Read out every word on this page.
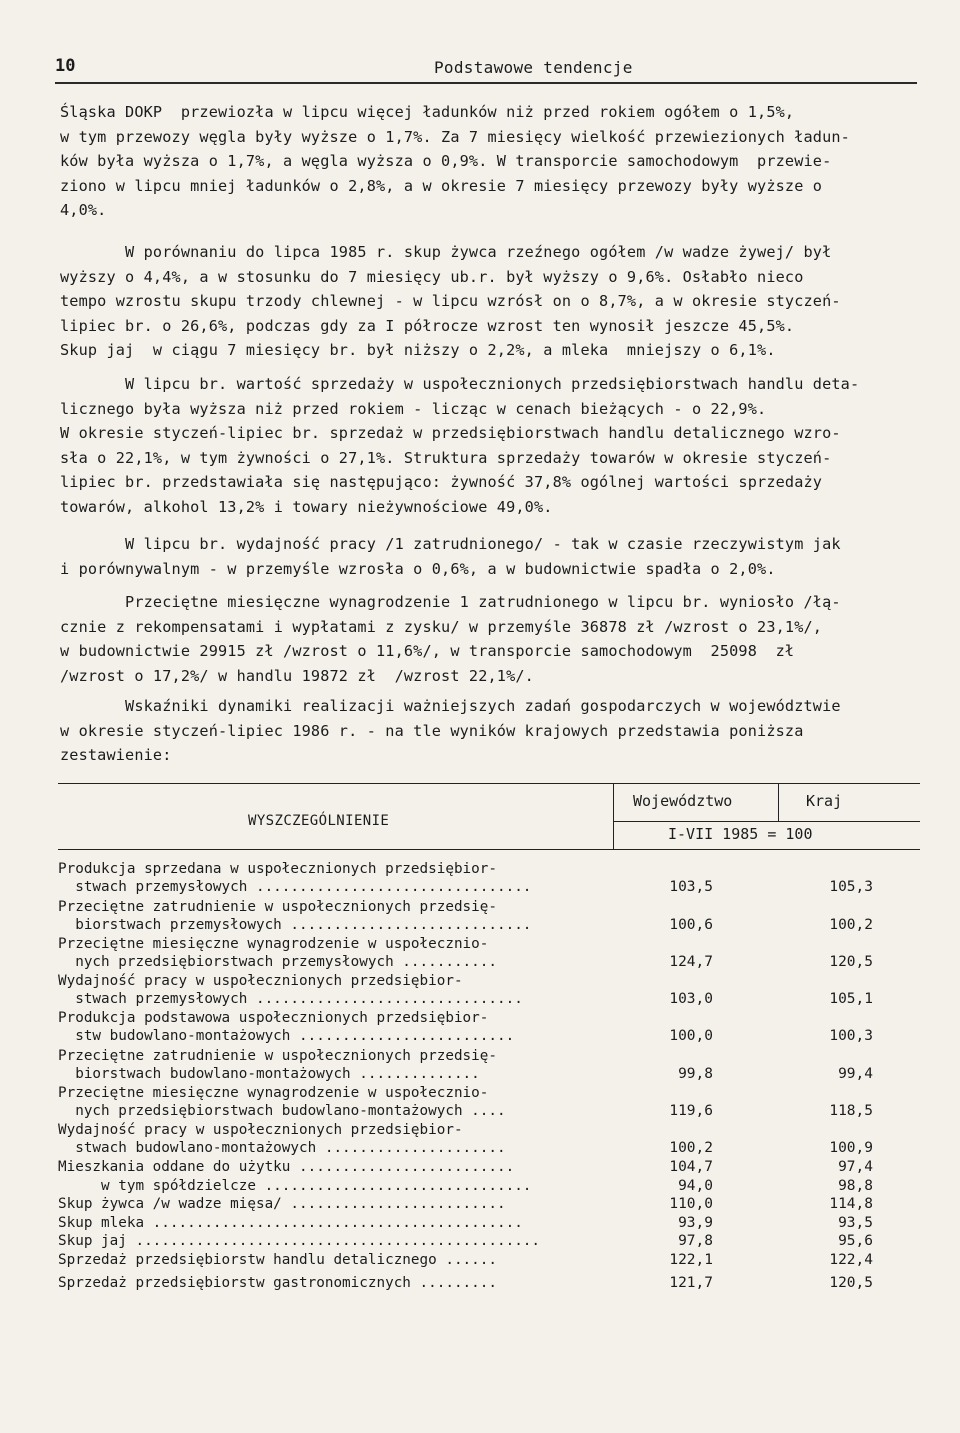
10	Podstawowe tendencje
Śląska DOKP  przewiozła w lipcu więcej ładunków niż przed rokiem ogółem o 1,5%,
w tym przewozy węgla były wyższe o 1,7%. Za 7 miesięcy wielkość przewiezionych ładun-
ków była wyższa o 1,7%, a węgla wyższa o 0,9%. W transporcie samochodowym  przewie-
ziono w lipcu mniej ładunków o 2,8%, a w okresie 7 miesięcy przewozy były wyższe o
4,0%.
W porównaniu do lipca 1985 r. skup żywca rzeźnego ogółem /w wadze żywej/ był
wyższy o 4,4%, a w stosunku do 7 miesięcy ub.r. był wyższy o 9,6%. Osłabło nieco
tempo wzrostu skupu trzody chlewnej - w lipcu wzrósł on o 8,7%, a w okresie styczeń-
lipiec br. o 26,6%, podczas gdy za I półrocze wzrost ten wynosił jeszcze 45,5%.
Skup jaj  w ciągu 7 miesięcy br. był niższy o 2,2%, a mleka  mniejszy o 6,1%.
W lipcu br. wartość sprzedaży w uspołecznionych przedsiębiorstwach handlu deta-
licznego była wyższa niż przed rokiem - licząc w cenach bieżących - o 22,9%.
W okresie styczeń-lipiec br. sprzedaż w przedsiębiorstwach handlu detalicznego wzro-
sła o 22,1%, w tym żywności o 27,1%. Struktura sprzedaży towarów w okresie styczeń-
lipiec br. przedstawiała się następująco: żywność 37,8% ogólnej wartości sprzedaży
towarów, alkohol 13,2% i towary nieżywnościowe 49,0%.
W lipcu br. wydajność pracy /1 zatrudnionego/ - tak w czasie rzeczywistym jak
i porównywalnym - w przemyśle wzrosła o 0,6%, a w budownictwie spadła o 2,0%.
Przeciętne miesięczne wynagrodzenie 1 zatrudnionego w lipcu br. wyniosło /łą-
cznie z rekompensatami i wypłatami z zysku/ w przemyśle 36878 zł /wzrost o 23,1%/,
w budownictwie 29915 zł /wzrost o 11,6%/, w transporcie samochodowym  25098  zł
/wzrost o 17,2%/ w handlu 19872 zł  /wzrost 22,1%/.
Wskaźniki dynamiki realizacji ważniejszych zadań gospodarczych w województwie
w okresie styczeń-lipiec 1986 r. - na tle wyników krajowych przedstawia poniższa
zestawienie:
WYSZCZEGÓLNIENIE
Województwo	Kraj
I-VII 1985 = 100
Produkcja sprzedana w uspołecznionych przedsiębior-
stwach przemysłowych ................................	103,5	105,3
Przeciętne zatrudnienie w uspołecznionych przedsię-
biorstwach przemysłowych ............................	100,6	100,2
Przeciętne miesięczne wynagrodzenie w uspołecznio-
nych przedsiębiorstwach przemysłowych ...........	124,7	120,5
Wydajność pracy w uspołecznionych przedsiębior-
stwach przemysłowych ...............................	103,0	105,1
Produkcja podstawowa uspołecznionych przedsiębior-
stw budowlano-montażowych .........................	100,0	100,3
Przeciętne zatrudnienie w uspołecznionych przedsię-
biorstwach budowlano-montażowych ..............	99,8	99,4
Przeciętne miesięczne wynagrodzenie w uspołecznio-
nych przedsiębiorstwach budowlano-montażowych ....	119,6	118,5
Wydajność pracy w uspołecznionych przedsiębior-
stwach budowlano-montażowych .....................	100,2	100,9
Mieszkania oddane do użytku .........................	104,7	97,4
w tym spółdzielcze ...............................	94,0	98,8
Skup żywca /w wadze mięsa/ .........................	110,0	114,8
Skup mleka ...........................................	93,9	93,5
Skup jaj ...............................................	97,8	95,6
Sprzedaż przedsiębiorstw handlu detalicznego ......	122,1	122,4
Sprzedaż przedsiębiorstw gastronomicznych .........	121,7	120,5
